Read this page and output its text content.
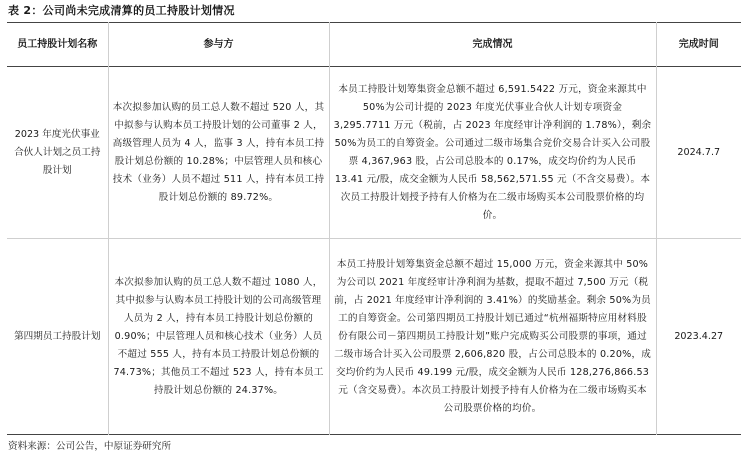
表 2：公司尚未完成清算的员工持股计划情况
员工持股计划名称	参与方	完成情况	完成时间
2023 年度光伏事业合伙人计划之员工持股计划	本次拟参加认购的员工总人数不超过 520 人，其中拟参与认购本员工持股计划的公司董事 2 人，高级管理人员为 4 人，监事 3 人，持有本员工持股计划总份额的 10.28%；中层管理人员和核心技术（业务）人员不超过 511 人，持有本员工持股计划总份额的 89.72%。	本员工持股计划筹集资金总额不超过 6,591.5422 万元，资金来源其中 50%为公司计提的 2023 年度光伏事业合伙人计划专项资金 3,295.7711 万元（税前，占 2023 年度经审计净利润的 1.78%），剩余 50%为员工的自筹资金。公司通过二级市场集合竞价交易合计买入公司股票 4,367,963 股，占公司总股本的 0.17%，成交均价约为人民币 13.41 元/股，成交金额为人民币 58,562,571.55 元（不含交易费）。本次员工持股计划授予持有人价格为在二级市场购买本公司股票价格的均价。	2024.7.7
第四期员工持股计划	本次拟参加认购的员工总人数不超过 1080 人，其中拟参与认购本员工持股计划的公司高级管理人员为 2 人，持有本员工持股计划总份额的 0.90%；中层管理人员和核心技术（业务）人员不超过 555 人，持有本员工持股计划总份额的 74.73%；其他员工不超过 523 人，持有本员工持股计划总份额的 24.37%。	本员工持股计划筹集资金总额不超过 15,000 万元，资金来源其中 50%为公司以 2021 年度经审计净利润为基数，提取不超过 7,500 万元（税前，占 2021 年度经审计净利润的 3.41%）的奖励基金。剩余 50%为员工的自筹资金。公司第四期员工持股计划已通过“杭州福斯特应用材料股份有限公司－第四期员工持股计划”账户完成购买公司股票的事项，通过二级市场合计买入公司股票 2,606,820 股，占公司总股本的 0.20%，成交均价约为人民币 49.199 元/股，成交金额为人民币 128,276,866.53 元（含交易费）。本次员工持股计划授予持有人价格为在二级市场购买本公司股票价格的均价。	2023.4.27
资料来源：公司公告，中原证券研究所
